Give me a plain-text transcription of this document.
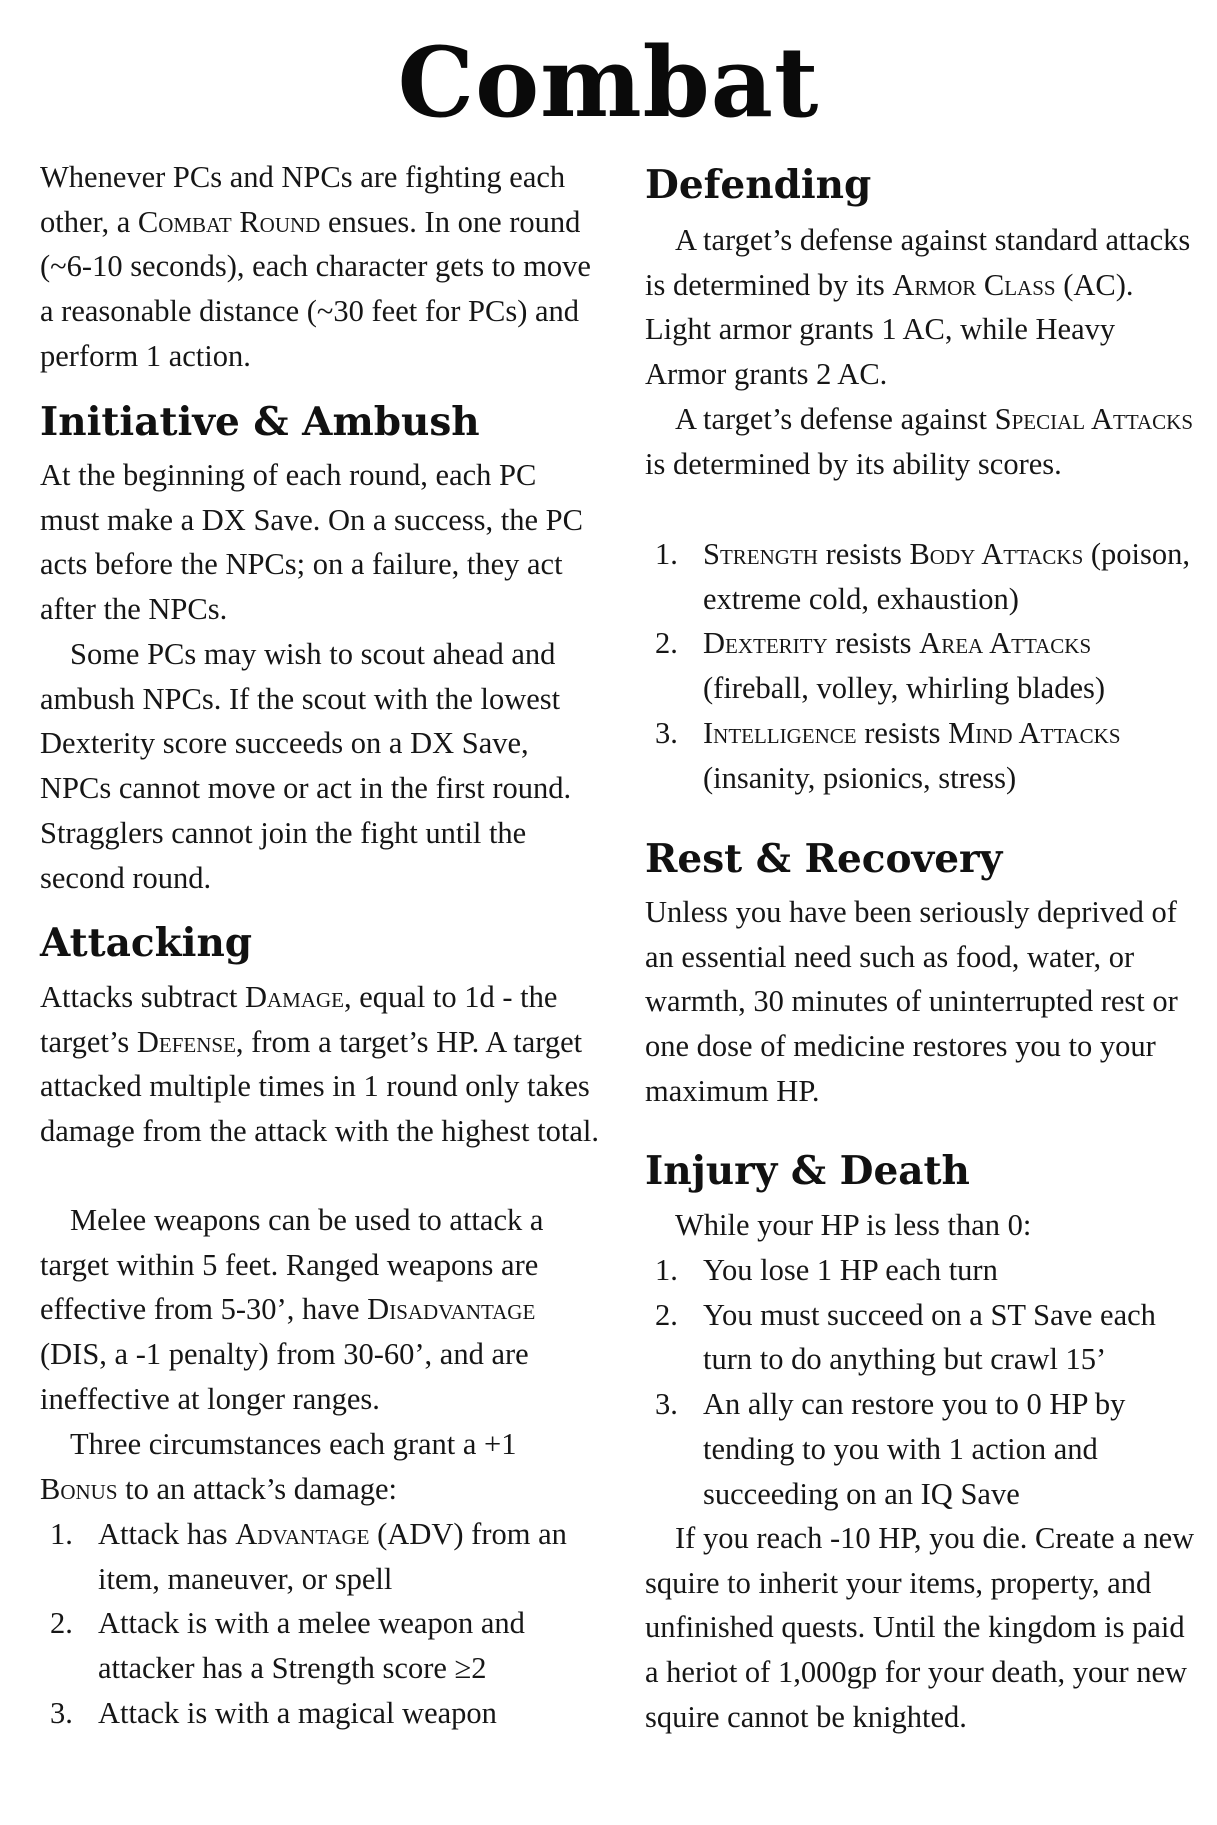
Combat
Whenever PCs and NPCs are fighting each other, a Combat Round ensues. In one round (~6-10 seconds), each character gets to move a reasonable distance (~30 feet for PCs) and perform 1 action.
Initiative & Ambush
At the beginning of each round, each PC must make a DX Save. On a success, the PC acts before the NPCs; on a failure, they act after the NPCs.
Some PCs may wish to scout ahead and ambush NPCs. If the scout with the lowest Dexterity score succeeds on a DX Save, NPCs cannot move or act in the first round. Stragglers cannot join the fight until the second round.
Attacking
Attacks subtract Damage, equal to 1d - the target’s Defense, from a target’s HP. A target attacked multiple times in 1 round only takes damage from the attack with the highest total.
Melee weapons can be used to attack a target within 5 feet. Ranged weapons are effective from 5-30’, have Disadvantage (DIS, a -1 penalty) from 30-60’, and are ineffective at longer ranges.
Three circumstances each grant a +1 Bonus to an attack’s damage:
1. Attack has Advantage (ADV) from an item, maneuver, or spell
2. Attack is with a melee weapon and attacker has a Strength score ≥2
3. Attack is with a magical weapon
Defending
A target’s defense against standard attacks is determined by its Armor Class (AC). Light armor grants 1 AC, while Heavy Armor grants 2 AC.
A target’s defense against Special Attacks is determined by its ability scores.
1. Strength resists Body Attacks (poison, extreme cold, exhaustion)
2. Dexterity resists Area Attacks (fireball, volley, whirling blades)
3. Intelligence resists Mind Attacks (insanity, psionics, stress)
Rest & Recovery
Unless you have been seriously deprived of an essential need such as food, water, or warmth, 30 minutes of uninterrupted rest or one dose of medicine restores you to your maximum HP.
Injury & Death
While your HP is less than 0:
1. You lose 1 HP each turn
2. You must succeed on a ST Save each turn to do anything but crawl 15’
3. An ally can restore you to 0 HP by tending to you with 1 action and succeeding on an IQ Save
If you reach -10 HP, you die. Create a new squire to inherit your items, property, and unfinished quests. Until the kingdom is paid a heriot of 1,000gp for your death, your new squire cannot be knighted.
